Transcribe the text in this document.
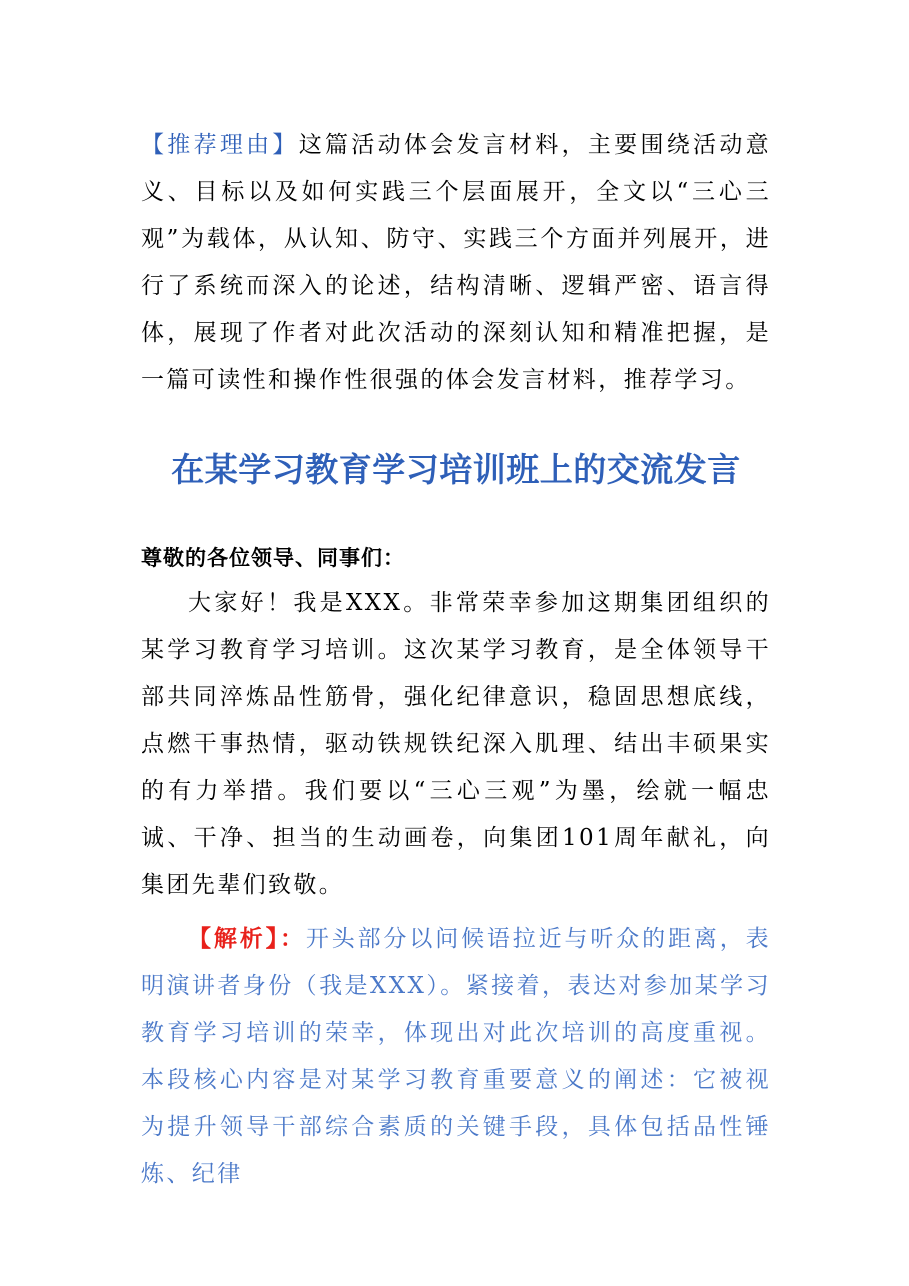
【推荐理由】这篇活动体会发言材料，主要围绕活动意义、目标以及如何实践三个层面展开，全文以“三心三观”为载体，从认知、防守、实践三个方面并列展开，进行了系统而深入的论述，结构清晰、逻辑严密、语言得体，展现了作者对此次活动的深刻认知和精准把握，是一篇可读性和操作性很强的体会发言材料，推荐学习。

在某学习教育学习培训班上的交流发言

尊敬的各位领导、同事们：

大家好！我是XXX。非常荣幸参加这期集团组织的某学习教育学习培训。这次某学习教育，是全体领导干部共同淬炼品性筋骨，强化纪律意识，稳固思想底线，点燃干事热情，驱动铁规铁纪深入肌理、结出丰硕果实的有力举措。我们要以“三心三观”为墨，绘就一幅忠诚、干净、担当的生动画卷，向集团101周年献礼，向集团先辈们致敬。

【解析】：开头部分以问候语拉近与听众的距离，表明演讲者身份（我是XXX）。紧接着，表达对参加某学习教育学习培训的荣幸，体现出对此次培训的高度重视。本段核心内容是对某学习教育重要意义的阐述：它被视为提升领导干部综合素质的关键手段，具体包括品性锤炼、纪律
